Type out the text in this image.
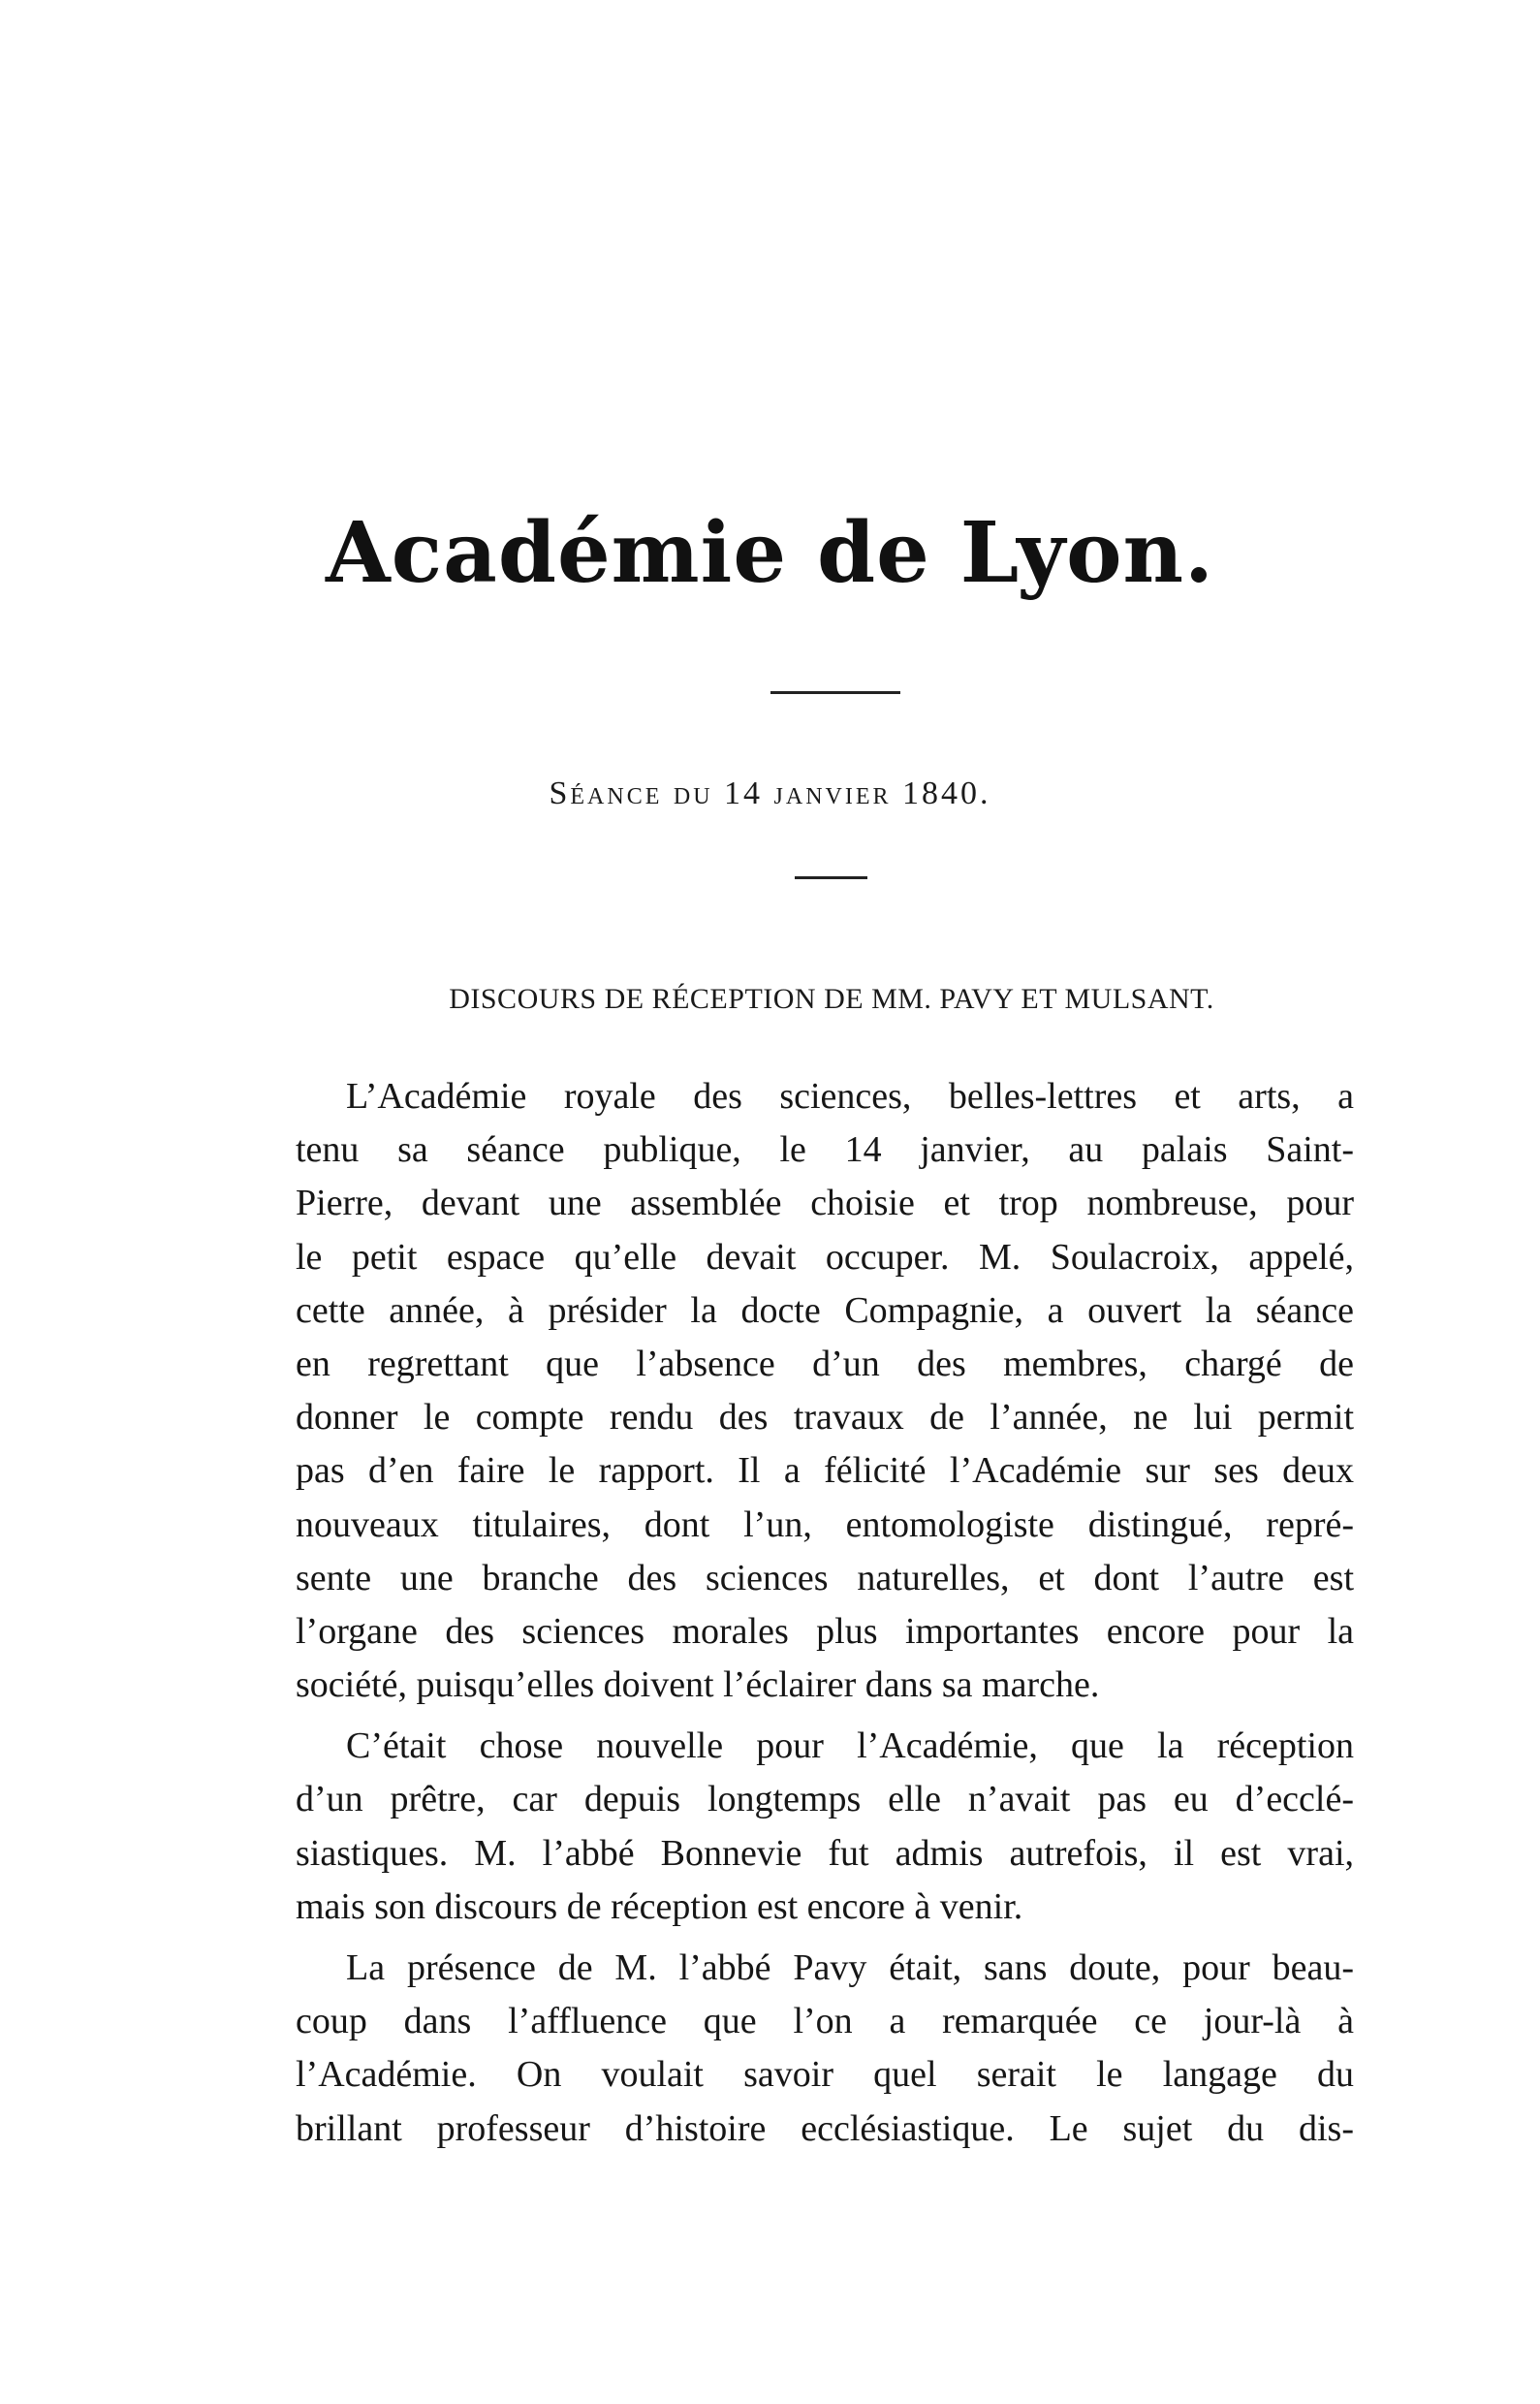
Académie de Lyon.
Séance du 14 janvier 1840.
DISCOURS DE RÉCEPTION DE MM. PAVY ET MULSANT.
L’Académie royale des sciences, belles-lettres et arts, a
tenu sa séance publique, le 14 janvier, au palais Saint-
Pierre, devant une assemblée choisie et trop nombreuse, pour
le petit espace qu’elle devait occuper. M. Soulacroix, appelé,
cette année, à présider la docte Compagnie, a ouvert la séance
en regrettant que l’absence d’un des membres, chargé de
donner le compte rendu des travaux de l’année, ne lui permit
pas d’en faire le rapport. Il a félicité l’Académie sur ses deux
nouveaux titulaires, dont l’un, entomologiste distingué, repré-
sente une branche des sciences naturelles, et dont l’autre est
l’organe des sciences morales plus importantes encore pour la
société, puisqu’elles doivent l’éclairer dans sa marche.
C’était chose nouvelle pour l’Académie, que la réception
d’un prêtre, car depuis longtemps elle n’avait pas eu d’ecclé-
siastiques. M. l’abbé Bonnevie fut admis autrefois, il est vrai,
mais son discours de réception est encore à venir.
La présence de M. l’abbé Pavy était, sans doute, pour beau-
coup dans l’affluence que l’on a remarquée ce jour-là à
l’Académie. On voulait savoir quel serait le langage du
brillant professeur d’histoire ecclésiastique. Le sujet du dis-
